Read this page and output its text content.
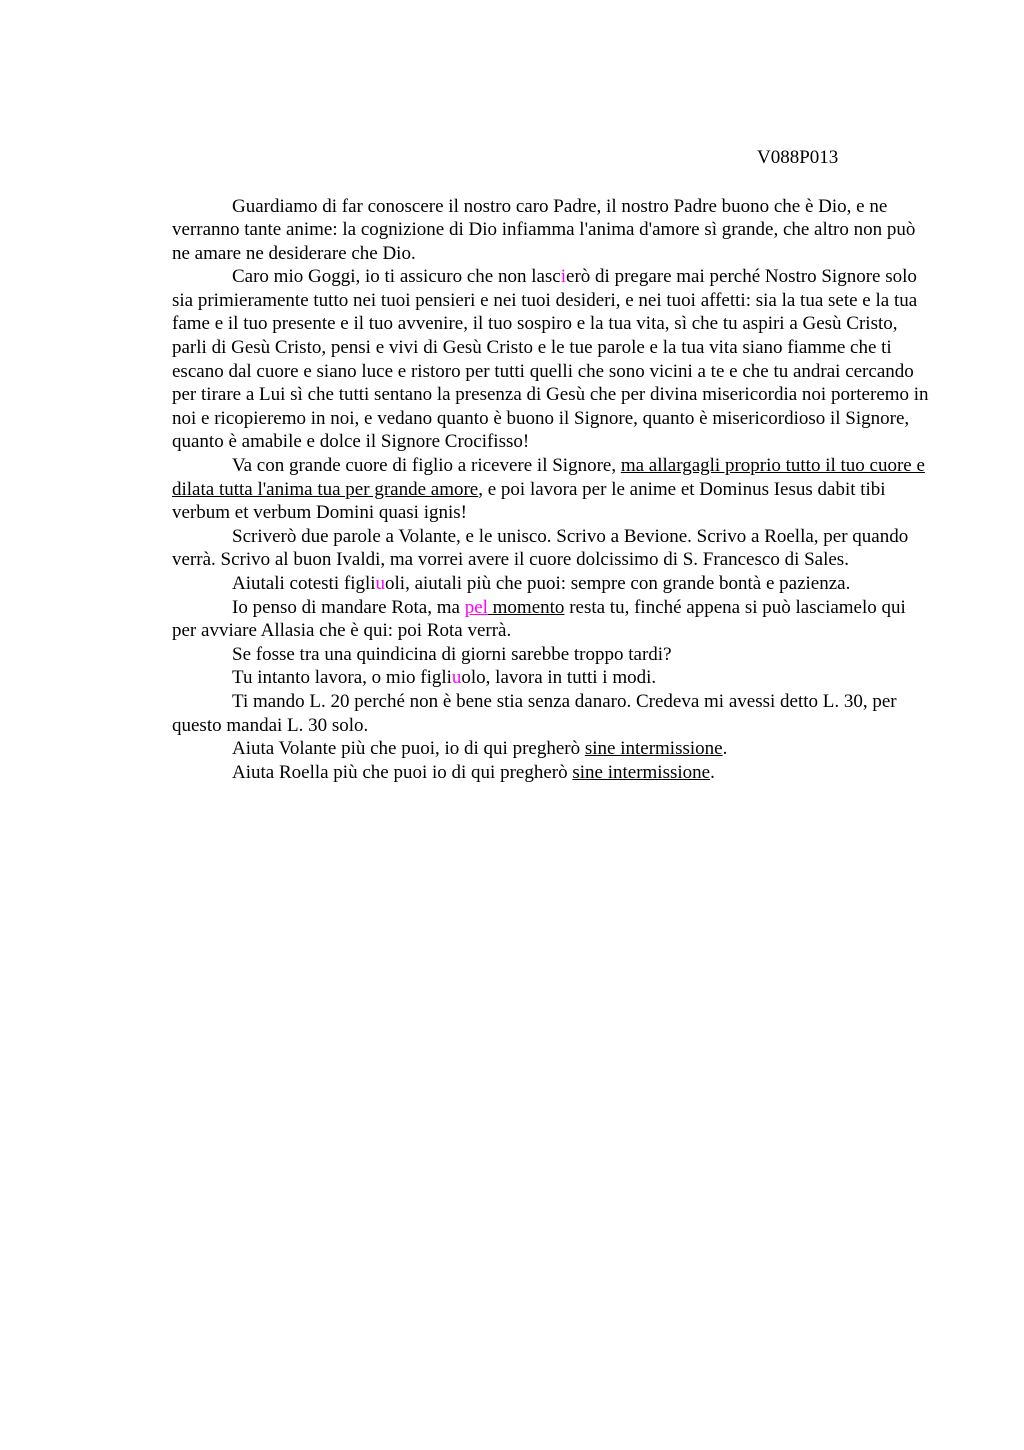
V088P013

Guardiamo di far conoscere il nostro caro Padre, il nostro Padre buono che è Dio, e ne verranno tante anime: la cognizione di Dio infiamma l'anima d'amore sì grande, che altro non può ne amare ne desiderare che Dio.

Caro mio Goggi, io ti assicuro che non lascierò di pregare mai perché Nostro Signore solo sia primieramente tutto nei tuoi pensieri e nei tuoi desideri, e nei tuoi affetti: sia la tua sete e la tua fame e il tuo presente e il tuo avvenire, il tuo sospiro e la tua vita, sì che tu aspiri a Gesù Cristo, parli di Gesù Cristo, pensi e vivi di Gesù Cristo e le tue parole e la tua vita siano fiamme che ti escano dal cuore e siano luce e ristoro per tutti quelli che sono vicini a te e che tu andrai cercando per tirare a Lui sì che tutti sentano la presenza di Gesù che per divina misericordia noi porteremo in noi e ricopieremo in noi, e vedano quanto è buono il Signore, quanto è misericordioso il Signore, quanto è amabile e dolce il Signore Crocifisso!

Va con grande cuore di figlio a ricevere il Signore, ma allargagli proprio tutto il tuo cuore e dilata tutta l'anima tua per grande amore, e poi lavora per le anime et Dominus Iesus dabit tibi verbum et verbum Domini quasi ignis!

Scriverò due parole a Volante, e le unisco. Scrivo a Bevione. Scrivo a Roella, per quando verrà. Scrivo al buon Ivaldi, ma vorrei avere il cuore dolcissimo di S. Francesco di Sales.

Aiutali cotesti figliuoli, aiutali più che puoi: sempre con grande bontà e pazienza.

Io penso di mandare Rota, ma pel momento resta tu, finché appena si può lasciamelo qui per avviare Allasia che è qui: poi Rota verrà.

Se fosse tra una quindicina di giorni sarebbe troppo tardi?

Tu intanto lavora, o mio figliuolo, lavora in tutti i modi.

Ti mando L. 20 perché non è bene stia senza danaro. Credeva mi avessi detto L. 30, per questo mandai L. 30 solo.

Aiuta Volante più che puoi, io di qui pregherò sine intermissione.

Aiuta Roella più che puoi io di qui pregherò sine intermissione.
